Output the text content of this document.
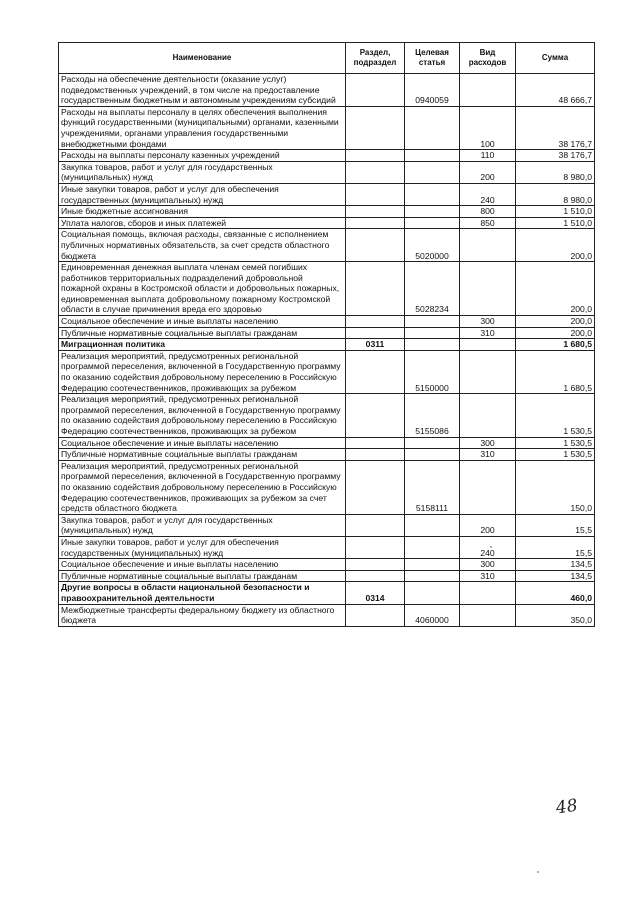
Наименование	Раздел, подраздел	Целевая статья	Вид расходов	Сумма
Расходы на обеспечение деятельности (оказание услуг) подведомственных учреждений, в том числе на предоставление государственным бюджетным и автономным учреждениям субсидий		0940059		48 666,7
Расходы на выплаты персоналу в целях обеспечения выполнения функций государственными (муниципальными) органами, казенными учреждениями, органами управления государственными внебюджетными фондами			100	38 176,7
Расходы на выплаты персоналу казенных учреждений			110	38 176,7
Закупка товаров, работ и услуг для государственных (муниципальных) нужд			200	8 980,0
Иные закупки товаров, работ и услуг для обеспечения государственных (муниципальных) нужд			240	8 980,0
Иные бюджетные ассигнования			800	1 510,0
Уплата налогов, сборов и иных платежей			850	1 510,0
Социальная помощь, включая расходы, связанные с исполнением публичных нормативных обязательств, за счет средств областного бюджета		5020000		200,0
Единовременная денежная выплата членам семей погибших работников территориальных подразделений добровольной пожарной охраны в Костромской области и добровольных пожарных, единовременная выплата добровольному пожарному Костромской области в случае причинения вреда его здоровью		5028234		200,0
Социальное обеспечение и иные выплаты населению			300	200,0
Публичные нормативные социальные выплаты гражданам			310	200,0
Миграционная политика	0311			1 680,5
Реализация мероприятий, предусмотренных региональной программой переселения, включенной в Государственную программу по оказанию содействия добровольному переселению в Российскую Федерацию соотечественников, проживающих за рубежом		5150000		1 680,5
Реализация мероприятий, предусмотренных региональной программой переселения, включенной в Государственную программу по оказанию содействия добровольному переселению в Российскую Федерацию соотечественников, проживающих за рубежом		5155086		1 530,5
Социальное обеспечение и иные выплаты населению			300	1 530,5
Публичные нормативные социальные выплаты гражданам			310	1 530,5
Реализация мероприятий, предусмотренных региональной программой переселения, включенной в Государственную программу по оказанию содействия добровольному переселению в Российскую Федерацию соотечественников, проживающих за рубежом за счет средств областного бюджета		5158111		150,0
Закупка товаров, работ и услуг для государственных (муниципальных) нужд			200	15,5
Иные закупки товаров, работ и услуг для обеспечения государственных (муниципальных) нужд			240	15,5
Социальное обеспечение и иные выплаты населению			300	134,5
Публичные нормативные социальные выплаты гражданам			310	134,5
Другие вопросы в области национальной безопасности и правоохранительной деятельности	0314			460,0
Межбюджетные трансферты федеральному бюджету из областного бюджета		4060000		350,0
48
